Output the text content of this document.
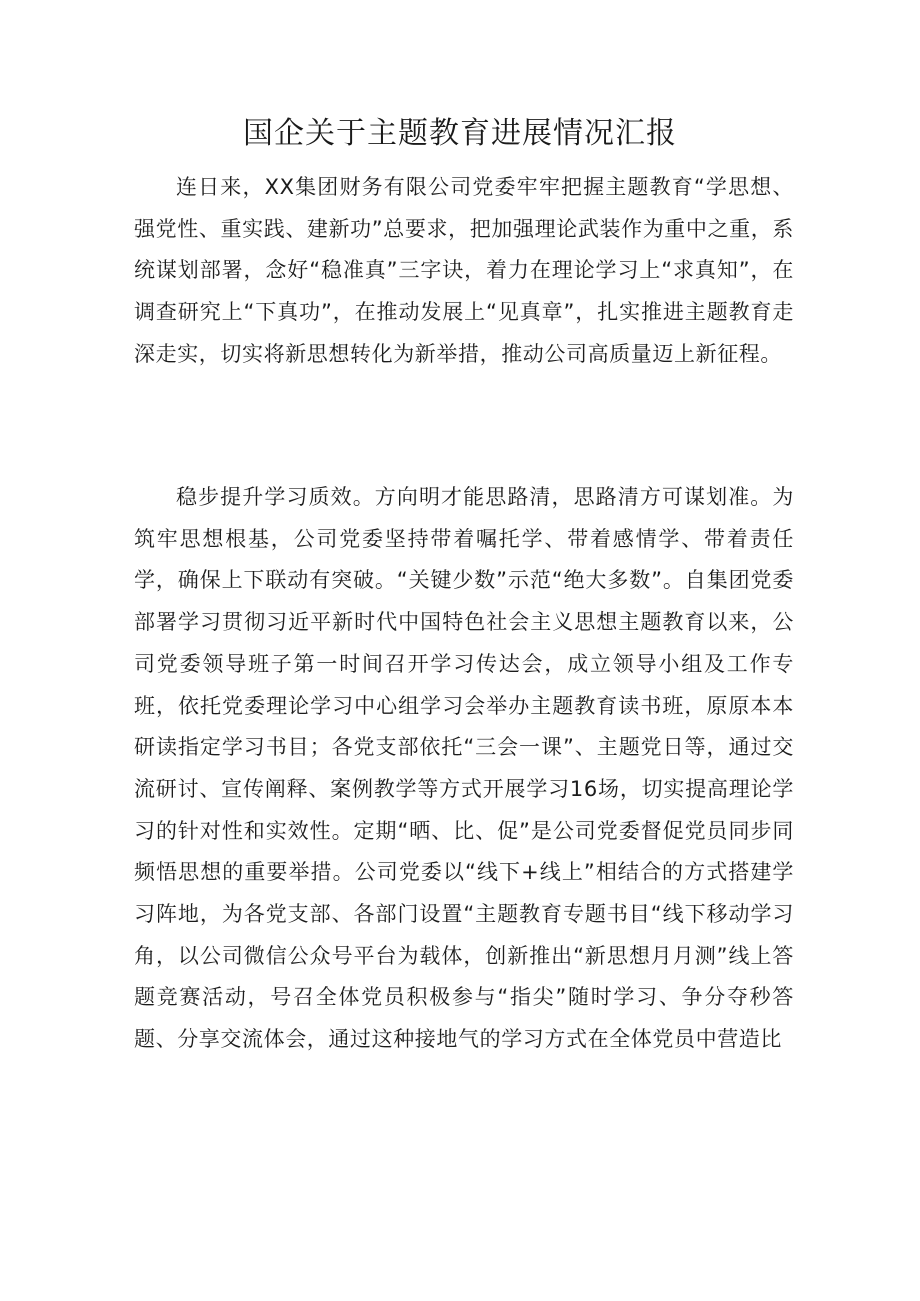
国企关于主题教育进展情况汇报

连日来，XX集团财务有限公司党委牢牢把握主题教育“学思想、强党性、重实践、建新功”总要求，把加强理论武装作为重中之重，系统谋划部署，念好“稳准真”三字诀，着力在理论学习上“求真知”，在调查研究上“下真功”，在推动发展上“见真章”，扎实推进主题教育走深走实，切实将新思想转化为新举措，推动公司高质量迈上新征程。

稳步提升学习质效。方向明才能思路清，思路清方可谋划准。为筑牢思想根基，公司党委坚持带着嘱托学、带着感情学、带着责任学，确保上下联动有突破。“关键少数”示范“绝大多数”。自集团党委部署学习贯彻习近平新时代中国特色社会主义思想主题教育以来，公司党委领导班子第一时间召开学习传达会，成立领导小组及工作专班，依托党委理论学习中心组学习会举办主题教育读书班，原原本本研读指定学习书目；各党支部依托“三会一课”、主题党日等，通过交流研讨、宣传阐释、案例教学等方式开展学习16场，切实提高理论学习的针对性和实效性。定期“晒、比、促”是公司党委督促党员同步同频悟思想的重要举措。公司党委以“线下+线上”相结合的方式搭建学习阵地，为各党支部、各部门设置“主题教育专题书目“线下移动学习角，以公司微信公众号平台为载体，创新推出“新思想月月测”线上答题竞赛活动，号召全体党员积极参与“指尖”随时学习、争分夺秒答题、分享交流体会，通过这种接地气的学习方式在全体党员中营造比
